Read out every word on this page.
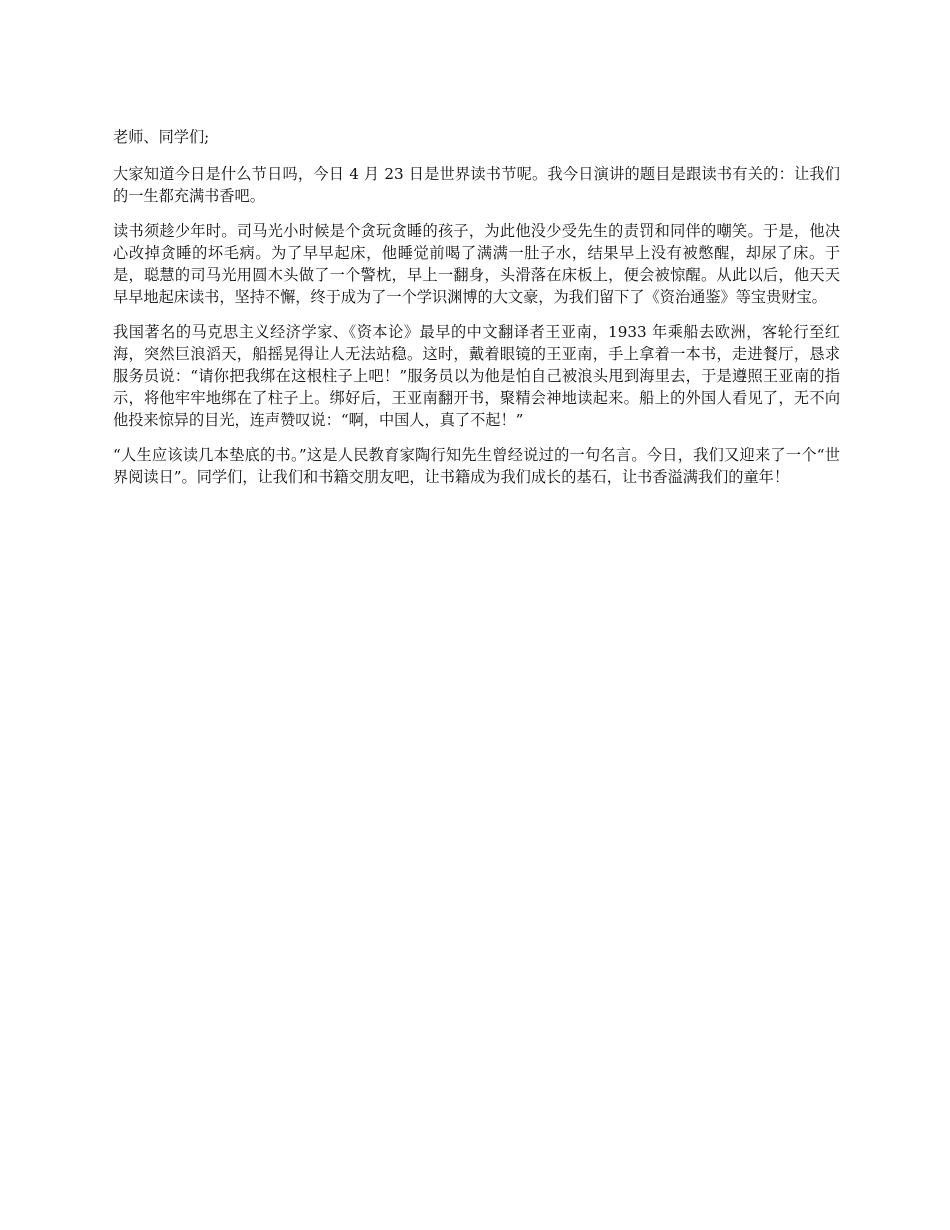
老师、同学们;

大家知道今日是什么节日吗，今日 4 月 23 日是世界读书节呢。我今日演讲的题目是跟读书有关的：让我们的一生都充满书香吧。

读书须趁少年时。司马光小时候是个贪玩贪睡的孩子，为此他没少受先生的责罚和同伴的嘲笑。于是，他决心改掉贪睡的坏毛病。为了早早起床，他睡觉前喝了满满一肚子水，结果早上没有被憋醒，却尿了床。于是，聪慧的司马光用圆木头做了一个警枕，早上一翻身，头滑落在床板上，便会被惊醒。从此以后，他天天早早地起床读书，坚持不懈，终于成为了一个学识渊博的大文豪，为我们留下了《资治通鉴》等宝贵财宝。

我国著名的马克思主义经济学家、《资本论》最早的中文翻译者王亚南，1933 年乘船去欧洲，客轮行至红海，突然巨浪滔天，船摇晃得让人无法站稳。这时，戴着眼镜的王亚南，手上拿着一本书，走进餐厅，恳求服务员说：“请你把我绑在这根柱子上吧！”服务员以为他是怕自己被浪头甩到海里去，于是遵照王亚南的指示，将他牢牢地绑在了柱子上。绑好后，王亚南翻开书，聚精会神地读起来。船上的外国人看见了，无不向他投来惊异的目光，连声赞叹说：“啊，中国人，真了不起！”

“人生应该读几本垫底的书。”这是人民教育家陶行知先生曾经说过的一句名言。今日，我们又迎来了一个“世界阅读日”。同学们，让我们和书籍交朋友吧，让书籍成为我们成长的基石，让书香溢满我们的童年！
